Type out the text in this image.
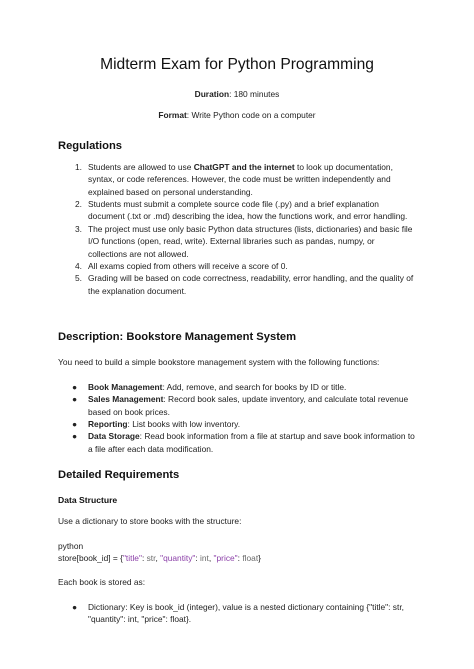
Midterm Exam for Python Programming

Duration: 180 minutes

Format: Write Python code on a computer

Regulations
1. Students are allowed to use ChatGPT and the internet to look up documentation, syntax, or code references. However, the code must be written independently and explained based on personal understanding.
2. Students must submit a complete source code file (.py) and a brief explanation document (.txt or .md) describing the idea, how the functions work, and error handling.
3. The project must use only basic Python data structures (lists, dictionaries) and basic file I/O functions (open, read, write). External libraries such as pandas, numpy, or collections are not allowed.
4. All exams copied from others will receive a score of 0.
5. Grading will be based on code correctness, readability, error handling, and the quality of the explanation document.
Description: Bookstore Management System

You need to build a simple bookstore management system with the following functions:

● Book Management: Add, remove, and search for books by ID or title.
● Sales Management: Record book sales, update inventory, and calculate total revenue based on book prices.
● Reporting: List books with low inventory.
● Data Storage: Read book information from a file at startup and save book information to a file after each data modification.
Detailed Requirements
Data Structure

Use a dictionary to store books with the structure:

python
store[book_id] = {"title": str, "quantity": int, "price": float}

Each book is stored as:

● Dictionary: Key is book_id (integer), value is a nested dictionary containing {"title": str, "quantity": int, "price": float}.
